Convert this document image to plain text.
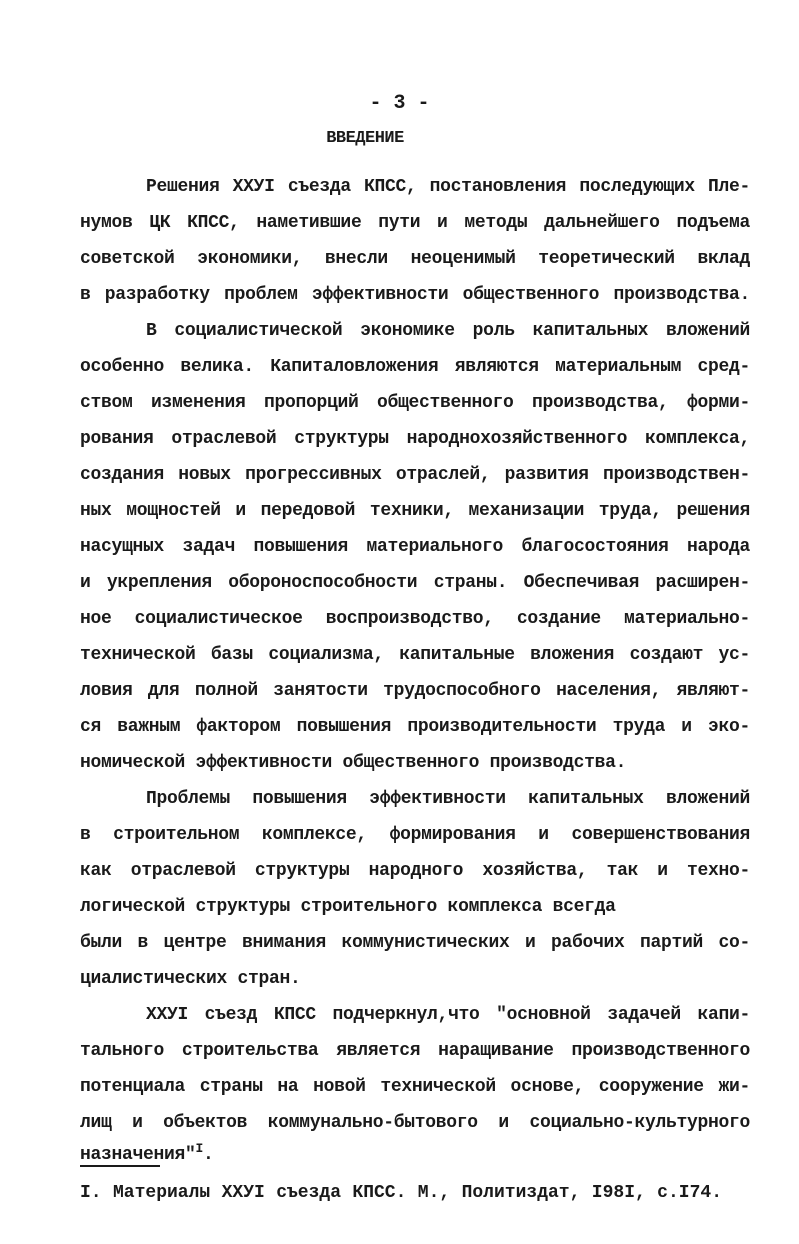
- 3 -
ВВЕДЕНИЕ
Решения ХХУI съезда КПСС, постановления последующих Пле-
нумов ЦК КПСС, наметившие пути и методы дальнейшего подъема
советской экономики, внесли неоценимый теоретический вклад
в разработку проблем эффективности общественного производства.
В социалистической экономике роль капитальных вложений
особенно велика. Капиталовложения являются материальным сред-
ством изменения пропорций общественного производства, форми-
рования отраслевой структуры народнохозяйственного комплекса,
создания новых прогрессивных отраслей, развития производствен-
ных мощностей и передовой техники, механизации труда, решения
насущных задач повышения материального благосостояния народа
и укрепления обороноспособности страны. Обеспечивая расширен-
ное социалистическое воспроизводство, создание материально-
технической базы социализма, капитальные вложения создают ус-
ловия для полной занятости трудоспособного населения, являют-
ся важным фактором повышения производительности труда и эко-
номической эффективности общественного производства.
Проблемы повышения эффективности капитальных вложений
в строительном комплексе, формирования и совершенствования
как отраслевой структуры народного хозяйства, так и техно-
логической структуры строительного комплекса всегда
были в центре внимания коммунистических и рабочих партий со-
циалистических стран.
ХХУI съезд КПСС подчеркнул,что "основной задачей капи-
тального строительства является наращивание производственного
потенциала страны на новой технической основе, сооружение жи-
лищ и объектов коммунально-бытового и социально-культурного
назначения"$^I$.
I. Материалы ХХУI съезда КПСС. М., Политиздат, I98I, с.I74.
